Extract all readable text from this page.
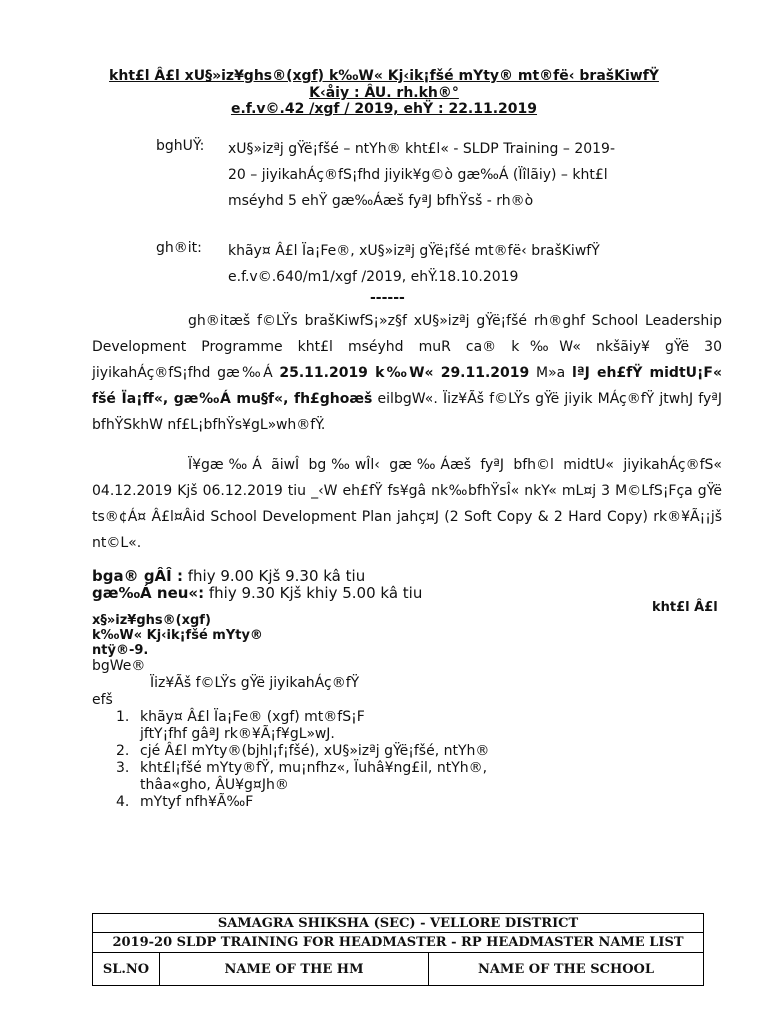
kht£l Â£l xU§»iz¥ghs®(xgf) k‰W« Kj‹ik¡fšé mYty® mt®fë‹ brašKiwfŸ
K‹åiy : ÂU. rh.kh®°
e.f.v©.42 /xgf / 2019, ehŸ : 22.11.2019
bghUŸ: xU§»izªj gŸë¡fšé – ntYh® kht£l« - SLDP Training – 2019-
20 – jiyikahÁç®fS¡fhd jiyik¥g©ò gæ‰Á (Ïîlãiy) – kht£l
mséyhd 5 ehŸ gæ‰Áæš fyªJ bfhŸsš - rh®ò
gh®it: khãy¤ Â£l Ïa¡Fe®, xU§»izªj gŸë¡fšé mt®fë‹ brašKiwfŸ
e.f.v©.640/m1/xgf /2019, ehŸ.18.10.2019
------
gh®itæš f©LŸs brašKiwfS¡»z§f xU§»izªj gŸë¡fšé rh®ghf School Leadership Development Programme kht£l mséyhd muR ca® k‰W« nkšãiy¥ gŸë 30 jiyikahÁç®fS¡fhd gæ‰Á 25.11.2019 k‰W« 29.11.2019 M»a lªJ eh£fŸ midtU¡F« fšé Ïa¡ff«, gæ‰Á mu§f«, fh£ghoæš eilbgW«. Ïiz¥Ãš f©LŸs gŸë jiyik MÁç®fŸ jtwhJ fyªJ bfhŸSkhW nf£L¡bfhŸs¥gL»wh®fŸ.
Ï¥gæ‰Á ãiwÎ bg‰wÎl‹ gæ‰Áæš fyªJ bfh©l midtU« jiyikahÁç®fS« 04.12.2019 Kjš 06.12.2019 tiu _‹W eh£fŸ fs¥gâ nk‰bfhŸsÎ« nkY« mL¤j 3 M©LfS¡Fça gŸë ts®¢Á¤ Â£l¤Âid School Development Plan jahç¤J (2 Soft Copy & 2 Hard Copy) rk®¥Ã¡¡jš nt©L«.
bga® gÂÎ : fhiy 9.00 Kjš 9.30 kâ tiu
gæ‰Á neu«: fhiy 9.30 Kjš khiy 5.00 kâ tiu
kht£l Â£l
x§»iz¥ghs®(xgf)
k‰W« Kj‹ik¡fšé mYty®
ntÿ®-9.
bgWe®
Ïiz¥Ãš f©LŸs gŸë jiyikahÁç®fŸ
efš
1. khãy¤ Â£l Ïa¡Fe® (xgf) mt®fS¡F
jftY¡fhf gâªJ rk®¥Ã¡f¥gL»wJ.
2. cjé Â£l mYty®(bjhl¡f¡fšé), xU§»izªj gŸë¡fšé, ntYh®
3. kht£l¡fšé mYty®fŸ, mu¡nfhz«, Ïuhâ¥ng£il, ntYh®,
thâa«gho, ÂU¥g¤Jh®
4. mYtyf nfh¥Ã‰F
SAMAGRA SHIKSHA (SEC) - VELLORE DISTRICT
2019-20 SLDP TRAINING FOR HEADMASTER - RP HEADMASTER NAME LIST
SL.NO	NAME OF THE HM	NAME OF THE SCHOOL
